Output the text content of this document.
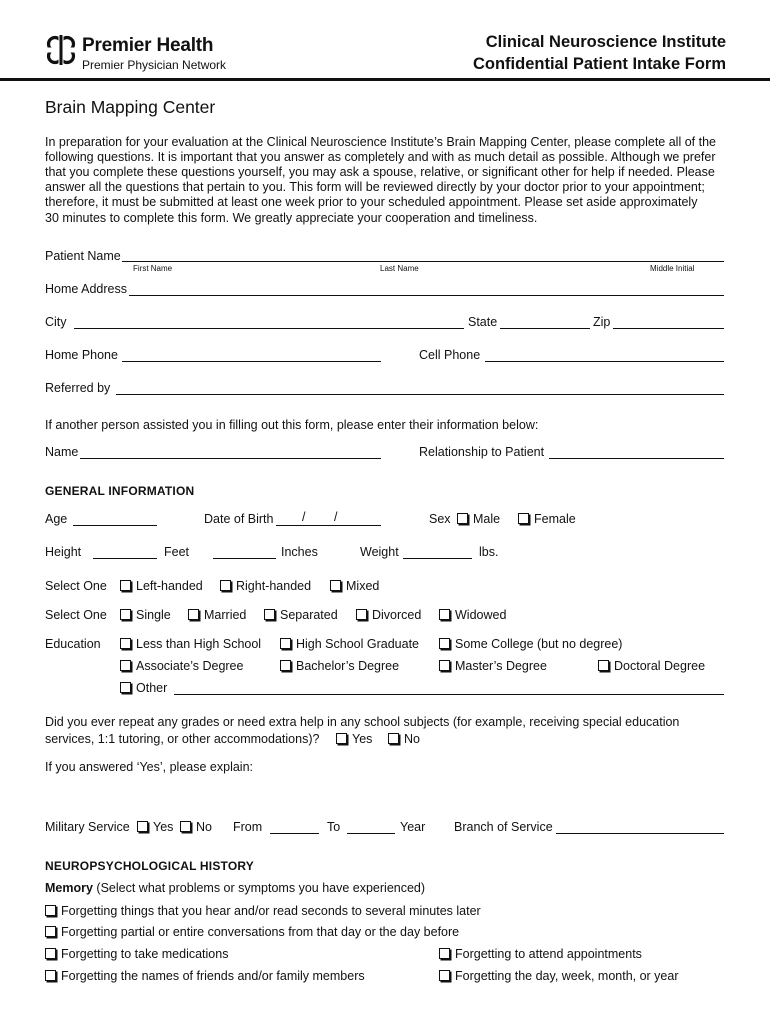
Premier Health
Premier Physician Network
Clinical Neuroscience Institute
Confidential Patient Intake Form
Brain Mapping Center
In preparation for your evaluation at the Clinical Neuroscience Institute’s Brain Mapping Center, please complete all of the
following questions. It is important that you answer as completely and with as much detail as possible. Although we prefer
that you complete these questions yourself, you may ask a spouse, relative, or significant other for help if needed. Please
answer all the questions that pertain to you. This form will be reviewed directly by your doctor prior to your appointment;
therefore, it must be submitted at least one week prior to your scheduled appointment. Please set aside approximately
30 minutes to complete this form. We greatly appreciate your cooperation and timeliness.
Patient Name
First Name	Last Name	Middle Initial
Home Address
City	State	Zip
Home Phone	Cell Phone
Referred by
If another person assisted you in filling out this form, please enter their information below:
Name	Relationship to Patient
GENERAL INFORMATION
Age	Date of Birth / /	Sex	Male	Female
Height	Feet	Inches	Weight	lbs.
Select One	Left-handed	Right-handed	Mixed
Select One	Single	Married	Separated	Divorced	Widowed
Education	Less than High School	High School Graduate	Some College (but no degree)
Associate’s Degree	Bachelor’s Degree	Master’s Degree	Doctoral Degree
Other
Did you ever repeat any grades or need extra help in any school subjects (for example, receiving special education
services, 1:1 tutoring, or other accommodations)?	Yes	No
If you answered ‘Yes’, please explain:
Military Service	Yes	No From	To	Year Branch of Service
NEUROPSYCHOLOGICAL HISTORY
Memory (Select what problems or symptoms you have experienced)
Forgetting things that you hear and/or read seconds to several minutes later
Forgetting partial or entire conversations from that day or the day before
Forgetting to take medications	Forgetting to attend appointments
Forgetting the names of friends and/or family members	Forgetting the day, week, month, or year
